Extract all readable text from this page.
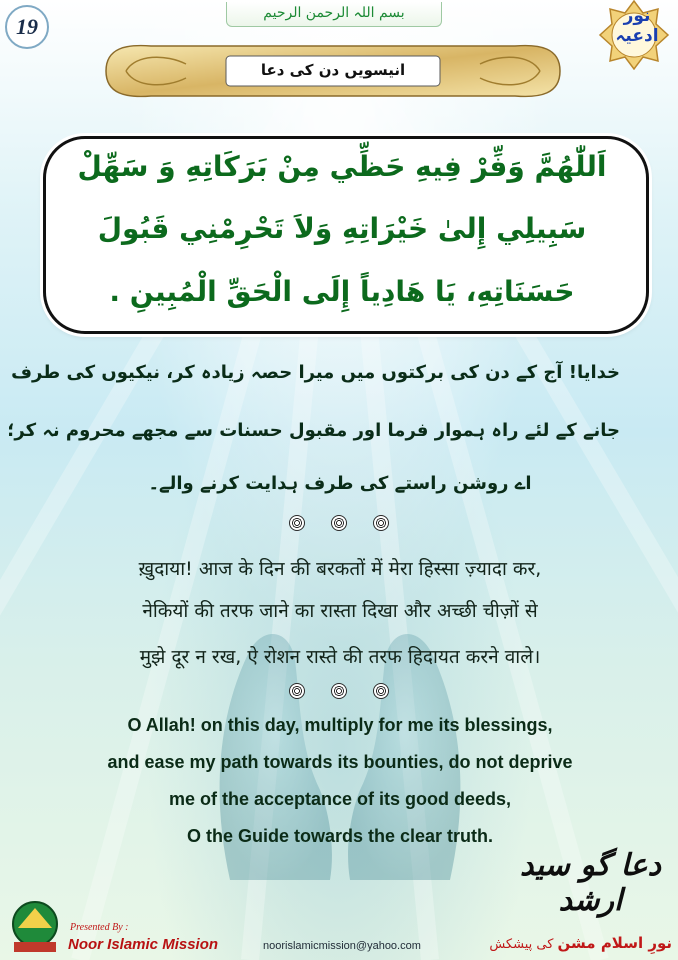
بسم اللہ الرحمن الرحیم
19	نور ادعیہ
انیسویں دن کی دعا
اَللّٰهُمَّ وَفِّرْ فِيهِ حَظِّي مِنْ بَرَكَاتِهِ وَ سَهِّلْ
سَبِيلِي إِلىٰ خَيْرَاتِهِ وَلاَ تَحْرِمْنِي قَبُولَ
حَسَنَاتِهِ، يَا هَادِياً إِلَى الْحَقِّ الْمُبِينِ .
خدایا! آج کے دن کی برکتوں میں میرا حصہ زیادہ کر، نیکیوں کی طرف
جانے کے لئے راہ ہموار فرما اور مقبول حسنات سے مجھے محروم نہ کر؛
اے روشن راستے کی طرف ہدایت کرنے والے۔
ख़ुदाया! आज के दिन की बरकतों में मेरा हिस्सा ज़्यादा कर,
नेकियों की तरफ जाने का रास्ता दिखा और अच्छी चीज़ों से
मुझे दूर न रख, ऐ रोशन रास्ते की तरफ हिदायत करने वाले।
O Allah! on this day, multiply for me its blessings,
and ease my path towards its bounties, do not deprive
me of the acceptance of its good deeds,
O the Guide towards the clear truth.
دعا گو سید ارشد
Presented By :
Noor Islamic Mission	noorislamicmission@yahoo.com	نورِ اسلام مشن کی پیشکش
